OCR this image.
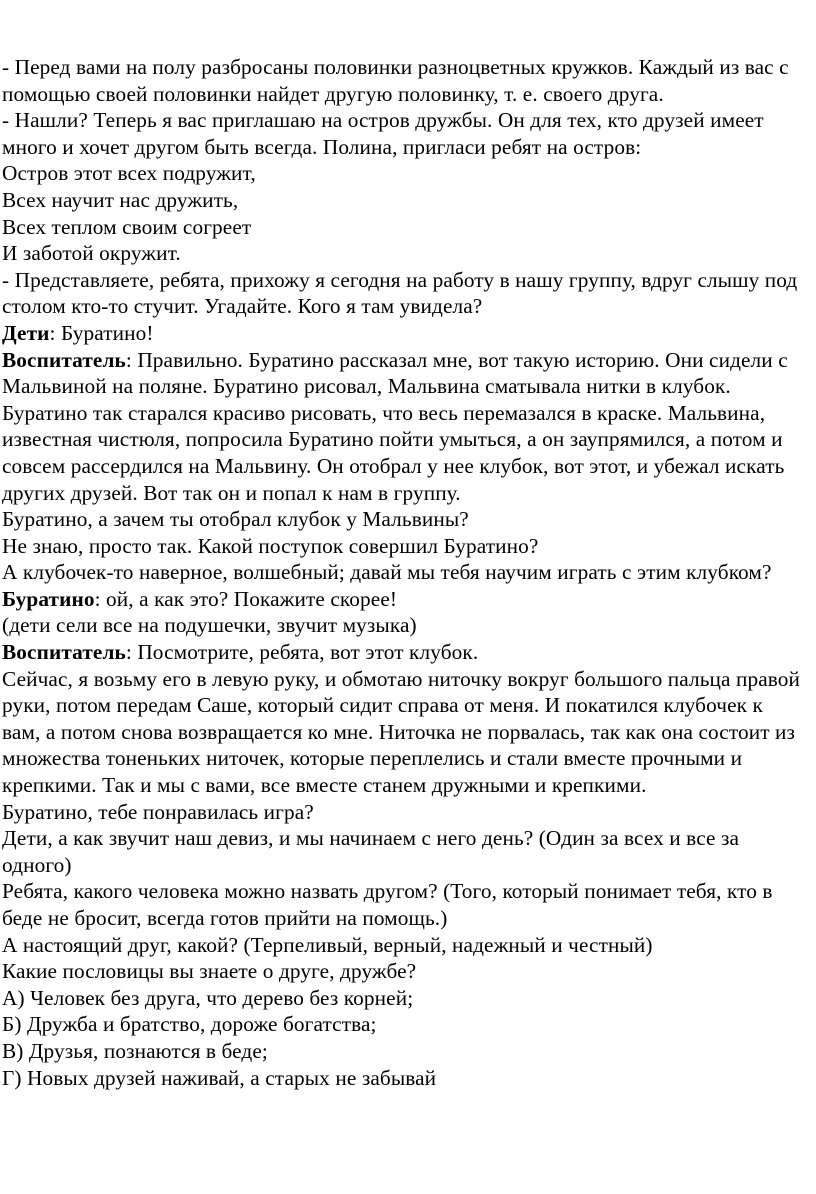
- Перед вами на полу разбросаны половинки разноцветных кружков. Каждый из вас с помощью своей половинки найдет другую половинку, т. е. своего друга.

- Нашли? Теперь я вас приглашаю на остров дружбы. Он для тех, кто друзей имеет много и хочет другом быть всегда. Полина, пригласи ребят на остров:

Остров этот всех подружит,

Всех научит нас дружить,

Всех теплом своим согреет

И заботой окружит.

- Представляете, ребята, прихожу я сегодня на работу в нашу группу, вдруг слышу под столом кто-то стучит. Угадайте. Кого я там увидела?

Дети: Буратино!

Воспитатель: Правильно. Буратино рассказал мне, вот такую историю. Они сидели с Мальвиной на поляне. Буратино рисовал, Мальвина сматывала нитки в клубок. Буратино так старался красиво рисовать, что весь перемазался в краске. Мальвина, известная чистюля, попросила Буратино пойти умыться, а он заупрямился, а потом и совсем рассердился на Мальвину. Он отобрал у нее клубок, вот этот, и убежал искать других друзей. Вот так он и попал к нам в группу.

Буратино, а зачем ты отобрал клубок у Мальвины?

Не знаю, просто так. Какой поступок совершил Буратино?

А клубочек-то наверное, волшебный; давай мы тебя научим играть с этим клубком?

Буратино: ой, а как это? Покажите скорее!

(дети сели все на подушечки, звучит музыка)

Воспитатель: Посмотрите, ребята, вот этот клубок.

Сейчас, я возьму его в левую руку, и обмотаю ниточку вокруг большого пальца правой руки, потом передам Саше, который сидит справа от меня. И покатился клубочек к вам, а потом снова возвращается ко мне. Ниточка не порвалась, так как она состоит из множества тоненьких ниточек, которые переплелись и стали вместе прочными и крепкими. Так и мы с вами, все вместе станем дружными и крепкими.

Буратино, тебе понравилась игра?

Дети, а как звучит наш девиз, и мы начинаем с него день? (Один за всех и все за одного)

Ребята, какого человека можно назвать другом? (Того, который понимает тебя, кто в беде не бросит, всегда готов прийти на помощь.)

А настоящий друг, какой? (Терпеливый, верный, надежный и честный)

Какие пословицы вы знаете о друге, дружбе?

А) Человек без друга, что дерево без корней;

Б) Дружба и братство, дороже богатства;

В) Друзья, познаются в беде;

Г) Новых друзей наживай, а старых не забывай
